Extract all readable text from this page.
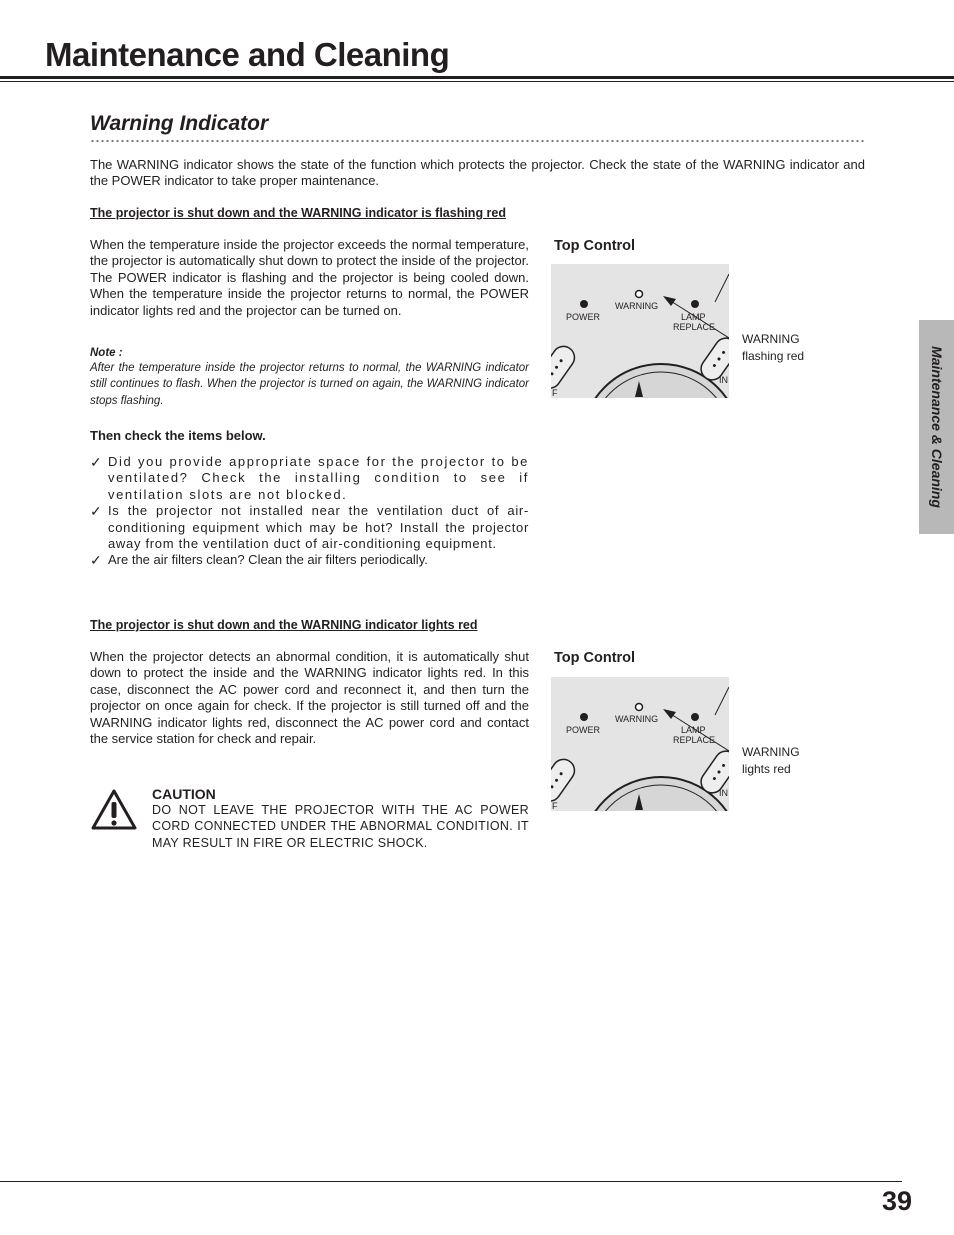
Maintenance and Cleaning
Warning Indicator
The WARNING indicator shows the state of the function which protects the projector. Check the state of the WARNING indicator and the POWER indicator to take proper maintenance.
The projector is shut down and the WARNING indicator is flashing red
When the temperature inside the projector exceeds the normal temperature, the projector is automatically shut down to protect the inside of the projector. The POWER indicator is flashing and the projector is being cooled down. When the temperature inside the projector returns to normal, the POWER indicator lights red and the projector can be turned on.
Note :
After the temperature inside the projector returns to normal, the WARNING indicator still continues to flash. When the projector is turned on again, the WARNING indicator stops flashing.
Then check the items below.
✓ Did you provide appropriate space for the projector to be ventilated? Check the installing condition to see if ventilation slots are not blocked.
✓ Is the projector not installed near the ventilation duct of air-conditioning equipment which may be hot? Install the projector away from the ventilation duct of air-conditioning equipment.
✓ Are the air filters clean? Clean the air filters periodically.
Top Control
POWER
WARNING
LAMP
REPLACE
IN
F
WARNING
flashing red
The projector is shut down and the WARNING indicator lights red
When the projector detects an abnormal condition, it is automatically shut down to protect the inside and the WARNING indicator lights red. In this case, disconnect the AC power cord and reconnect it, and then turn the projector on once again for check. If the projector is still turned off and the WARNING indicator lights red, disconnect the AC power cord and contact the service station for check and repair.
CAUTION
DO NOT LEAVE THE PROJECTOR WITH THE AC POWER CORD CONNECTED UNDER THE ABNORMAL CONDITION. IT MAY RESULT IN FIRE OR ELECTRIC SHOCK.
Top Control
POWER
WARNING
LAMP
REPLACE
IN
F
WARNING
lights red
Maintenance & Cleaning
39
